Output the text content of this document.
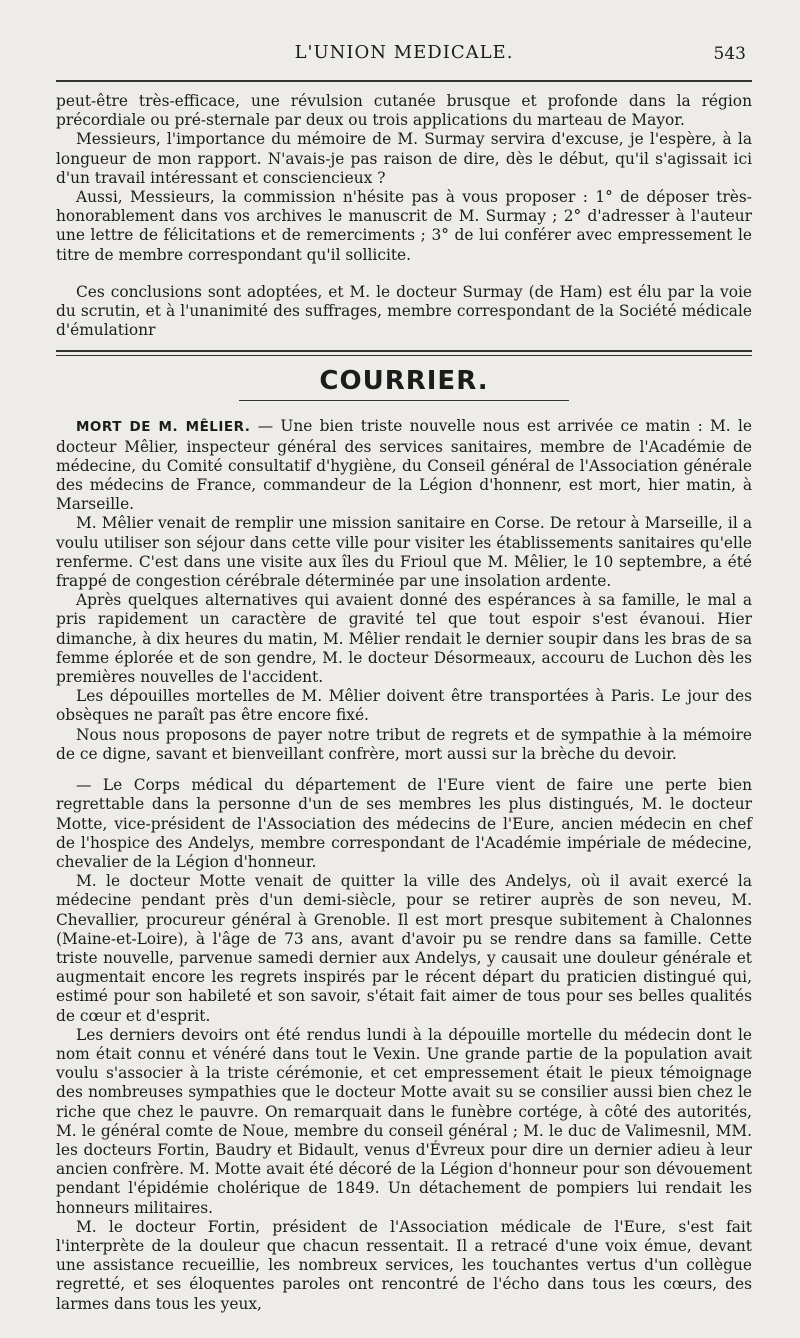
L'UNION MEDICALE.	543

peut-être très-efficace, une révulsion cutanée brusque et profonde dans la région précordiale ou pré-sternale par deux ou trois applications du marteau de Mayor.

Messieurs, l'importance du mémoire de M. Surmay servira d'excuse, je l'espère, à la longueur de mon rapport. N'avais-je pas raison de dire, dès le début, qu'il s'agissait ici d'un travail intéressant et consciencieux ?

Aussi, Messieurs, la commission n'hésite pas à vous proposer : 1° de déposer très-honorablement dans vos archives le manuscrit de M. Surmay ; 2° d'adresser à l'auteur une lettre de félicitations et de remerciments ; 3° de lui conférer avec empressement le titre de membre correspondant qu'il sollicite.

Ces conclusions sont adoptées, et M. le docteur Surmay (de Ham) est élu par la voie du scrutin, et à l'unanimité des suffrages, membre correspondant de la Société médicale d'émulationr

COURRIER.

MORT DE M. MÊLIER. — Une bien triste nouvelle nous est arrivée ce matin : M. le docteur Mêlier, inspecteur général des services sanitaires, membre de l'Académie de médecine, du Comité consultatif d'hygiène, du Conseil général de l'Association générale des médecins de France, commandeur de la Légion d'honnenr, est mort, hier matin, à Marseille.

M. Mêlier venait de remplir une mission sanitaire en Corse. De retour à Marseille, il a voulu utiliser son séjour dans cette ville pour visiter les établissements sanitaires qu'elle renferme. C'est dans une visite aux îles du Frioul que M. Mêlier, le 10 septembre, a été frappé de congestion cérébrale déterminée par une insolation ardente.

Après quelques alternatives qui avaient donné des espérances à sa famille, le mal a pris rapidement un caractère de gravité tel que tout espoir s'est évanoui. Hier dimanche, à dix heures du matin, M. Mêlier rendait le dernier soupir dans les bras de sa femme éplorée et de son gendre, M. le docteur Désormeaux, accouru de Luchon dès les premières nouvelles de l'accident.

Les dépouilles mortelles de M. Mêlier doivent être transportées à Paris. Le jour des obsèques ne paraît pas être encore fixé.

Nous nous proposons de payer notre tribut de regrets et de sympathie à la mémoire de ce digne, savant et bienveillant confrère, mort aussi sur la brèche du devoir.

— Le Corps médical du département de l'Eure vient de faire une perte bien regrettable dans la personne d'un de ses membres les plus distingués, M. le docteur Motte, vice-président de l'Association des médecins de l'Eure, ancien médecin en chef de l'hospice des Andelys, membre correspondant de l'Académie impériale de médecine, chevalier de la Légion d'honneur.

M. le docteur Motte venait de quitter la ville des Andelys, où il avait exercé la médecine pendant près d'un demi-siècle, pour se retirer auprès de son neveu, M. Chevallier, procureur général à Grenoble. Il est mort presque subitement à Chalonnes (Maine-et-Loire), à l'âge de 73 ans, avant d'avoir pu se rendre dans sa famille. Cette triste nouvelle, parvenue samedi dernier aux Andelys, y causait une douleur générale et augmentait encore les regrets inspirés par le récent départ du praticien distingué qui, estimé pour son habileté et son savoir, s'était fait aimer de tous pour ses belles qualités de cœur et d'esprit.

Les derniers devoirs ont été rendus lundi à la dépouille mortelle du médecin dont le nom était connu et vénéré dans tout le Vexin. Une grande partie de la population avait voulu s'associer à la triste cérémonie, et cet empressement était le pieux témoignage des nombreuses sympathies que le docteur Motte avait su se consilier aussi bien chez le riche que chez le pauvre. On remarquait dans le funèbre cortége, à côté des autorités, M. le général comte de Noue, membre du conseil général ; M. le duc de Valimesnil, MM. les docteurs Fortin, Baudry et Bidault, venus d'Évreux pour dire un dernier adieu à leur ancien confrère. M. Motte avait été décoré de la Légion d'honneur pour son dévouement pendant l'épidémie cholérique de 1849. Un détachement de pompiers lui rendait les honneurs militaires.

M. le docteur Fortin, président de l'Association médicale de l'Eure, s'est fait l'interprète de la douleur que chacun ressentait. Il a retracé d'une voix émue, devant une assistance recueillie, les nombreux services, les touchantes vertus d'un collègue regretté, et ses éloquentes paroles ont rencontré de l'écho dans tous les cœurs, des larmes dans tous les yeux,
